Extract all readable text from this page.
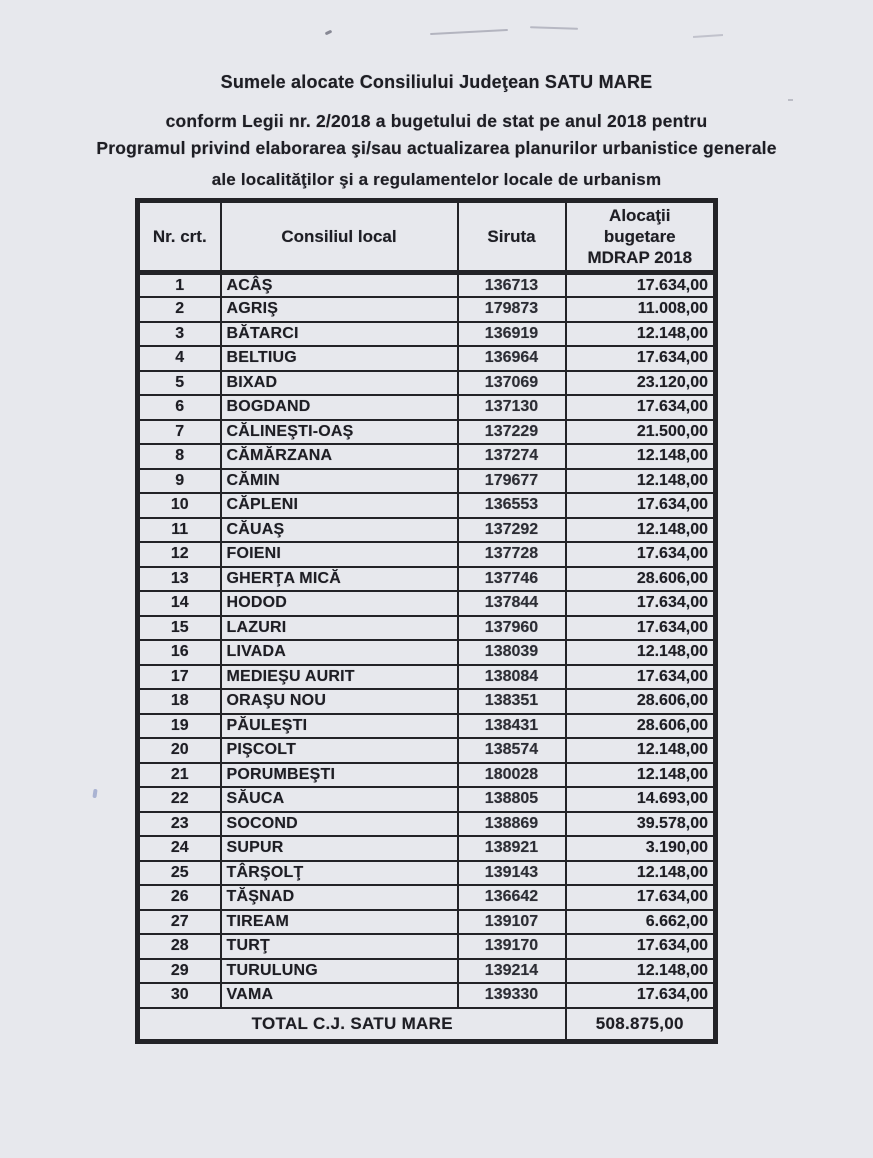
Sumele alocate Consiliului Judeţean SATU MARE
conform Legii nr. 2/2018 a bugetului de stat pe anul 2018 pentru
Programul privind elaborarea şi/sau actualizarea planurilor urbanistice generale
ale localităţilor şi a regulamentelor locale de urbanism
Nr. crt.	Consiliul local	Siruta	Alocaţii
bugetare
MDRAP 2018
1	ACÂŞ	136713	17.634,00
2	AGRIŞ	179873	11.008,00
3	BĂTARCI	136919	12.148,00
4	BELTIUG	136964	17.634,00
5	BIXAD	137069	23.120,00
6	BOGDAND	137130	17.634,00
7	CĂLINEŞTI-OAŞ	137229	21.500,00
8	CĂMĂRZANA	137274	12.148,00
9	CĂMIN	179677	12.148,00
10	CĂPLENI	136553	17.634,00
11	CĂUAŞ	137292	12.148,00
12	FOIENI	137728	17.634,00
13	GHERŢA MICĂ	137746	28.606,00
14	HODOD	137844	17.634,00
15	LAZURI	137960	17.634,00
16	LIVADA	138039	12.148,00
17	MEDIEŞU AURIT	138084	17.634,00
18	ORAŞU NOU	138351	28.606,00
19	PĂULEŞTI	138431	28.606,00
20	PIŞCOLT	138574	12.148,00
21	PORUMBEŞTI	180028	12.148,00
22	SĂUCA	138805	14.693,00
23	SOCOND	138869	39.578,00
24	SUPUR	138921	3.190,00
25	TÂRŞOLŢ	139143	12.148,00
26	TĂŞNAD	136642	17.634,00
27	TIREAM	139107	6.662,00
28	TURŢ	139170	17.634,00
29	TURULUNG	139214	12.148,00
30	VAMA	139330	17.634,00
TOTAL C.J. SATU MARE			508.875,00
